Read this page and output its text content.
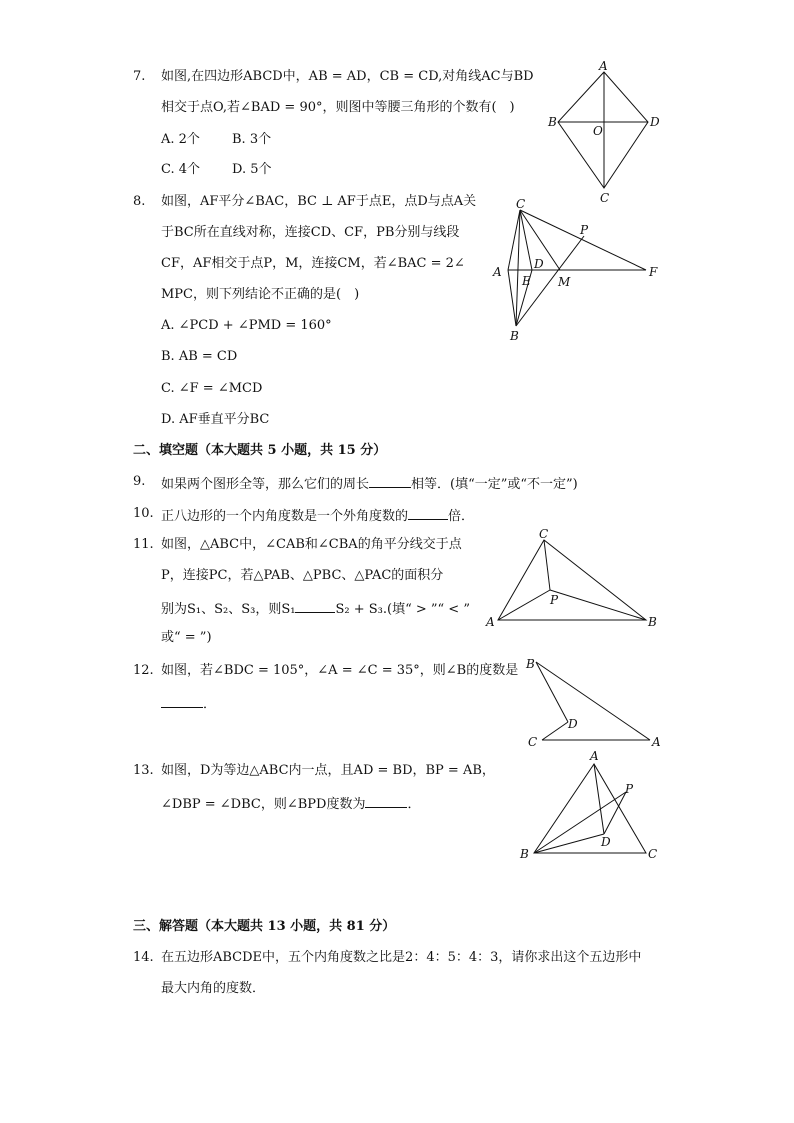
7. 如图,在四边形ABCD中，AB = AD，CB = CD,对角线AC与BD
相交于点O,若∠BAD = 90°，则图中等腰三角形的个数有(　)
A. 2个 B. 3个
C. 4个 D. 5个
A
B
C
D
O
8. 如图，AF平分∠BAC，BC ⊥ AF于点E，点D与点A关
于BC所在直线对称，连接CD、CF，PB分别与线段
CF，AF相交于点P，M，连接CM，若∠BAC = 2∠
MPC，则下列结论不正确的是(　)
A. ∠PCD + ∠PMD = 160°
B. AB = CD
C. ∠F = ∠MCD
D. AF垂直平分BC
C
P
A
D
E M
F
B
二、填空题（本大题共 5 小题，共 15 分）
9. 如果两个图形全等，那么它们的周长	相等．(填“一定”或“不一定”)
10. 正八边形的一个内角度数是一个外角度数的	倍．
11. 如图，△ABC中，∠CAB和∠CBA的角平分线交于点
P，连接PC，若△PAB、△PBC、△PAC的面积分
别为S₁、S₂、S₃，则S₁	S₂ + S₃.(填“ > ”“ < ”
或“ = ”)
C
P
A	B
12. 如图，若∠BDC = 105°，∠A = ∠C = 35°，则∠B的度数是
．
B
D
C	A
13. 如图，D为等边△ABC内一点，且AD = BD，BP = AB，
∠DBP = ∠DBC，则∠BPD度数为	．
A
P
D
B	C
三、解答题（本大题共 13 小题，共 81 分）
14. 在五边形ABCDE中，五个内角度数之比是2：4：5：4：3，请你求出这个五边形中
最大内角的度数．
